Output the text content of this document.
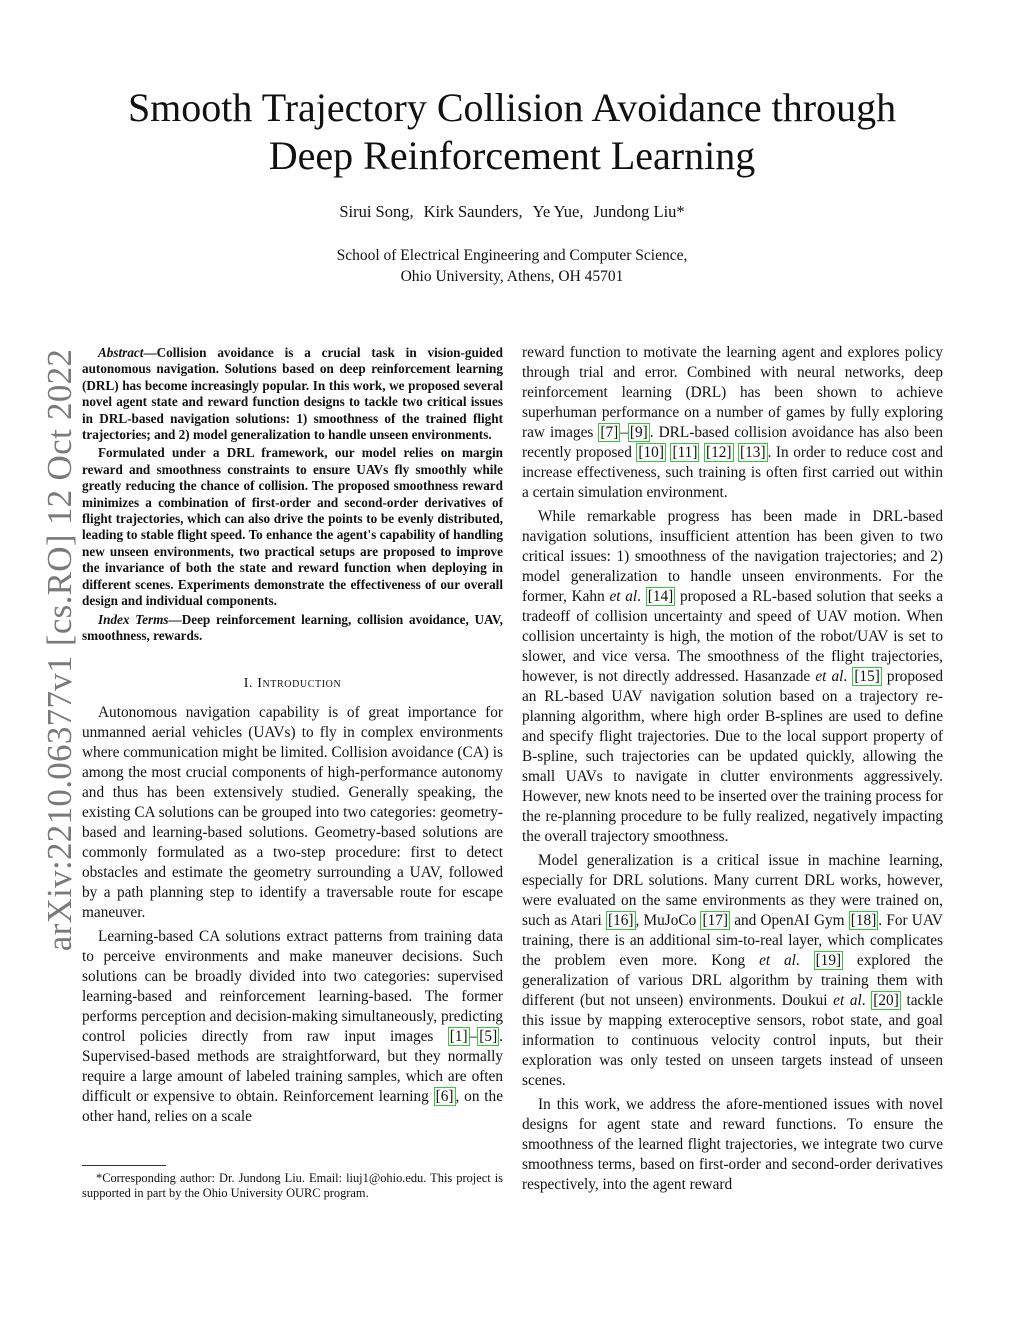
arXiv:2210.06377v1 [cs.RO] 12 Oct 2022
Smooth Trajectory Collision Avoidance through
Deep Reinforcement Learning
Sirui Song, Kirk Saunders, Ye Yue, Jundong Liu*
School of Electrical Engineering and Computer Science,
Ohio University, Athens, OH 45701

Abstract—Collision avoidance is a crucial task in vision-guided autonomous navigation. Solutions based on deep reinforcement learning (DRL) has become increasingly popular. In this work, we proposed several novel agent state and reward function designs to tackle two critical issues in DRL-based navigation solutions: 1) smoothness of the trained flight trajectories; and 2) model generalization to handle unseen environments.

Formulated under a DRL framework, our model relies on margin reward and smoothness constraints to ensure UAVs fly smoothly while greatly reducing the chance of collision. The proposed smoothness reward minimizes a combination of first-order and second-order derivatives of flight trajectories, which can also drive the points to be evenly distributed, leading to stable flight speed. To enhance the agent's capability of handling new unseen environments, two practical setups are proposed to improve the invariance of both the state and reward function when deploying in different scenes. Experiments demonstrate the effectiveness of our overall design and individual components.

Index Terms—Deep reinforcement learning, collision avoidance, UAV, smoothness, rewards.

I. Introduction

Autonomous navigation capability is of great importance for unmanned aerial vehicles (UAVs) to fly in complex environments where communication might be limited. Collision avoidance (CA) is among the most crucial components of high-performance autonomy and thus has been extensively studied. Generally speaking, the existing CA solutions can be grouped into two categories: geometry-based and learning-based solutions. Geometry-based solutions are commonly formulated as a two-step procedure: first to detect obstacles and estimate the geometry surrounding a UAV, followed by a path planning step to identify a traversable route for escape maneuver.

Learning-based CA solutions extract patterns from training data to perceive environments and make maneuver decisions. Such solutions can be broadly divided into two categories: supervised learning-based and reinforcement learning-based. The former performs perception and decision-making simultaneously, predicting control policies directly from raw input images [1] – [5] . Supervised-based methods are straightforward, but they normally require a large amount of labeled training samples, which are often difficult or expensive to obtain. Reinforcement learning [6] , on the other hand, relies on a scale

*Corresponding author: Dr. Jundong Liu. Email: liuj1@ohio.edu. This project is supported in part by the Ohio University OURC program.

reward function to motivate the learning agent and explores policy through trial and error. Combined with neural networks, deep reinforcement learning (DRL) has been shown to achieve superhuman performance on a number of games by fully exploring raw images [7] – [9] . DRL-based collision avoidance has also been recently proposed [10] [11] [12] [13] . In order to reduce cost and increase effectiveness, such training is often first carried out within a certain simulation environment.

While remarkable progress has been made in DRL-based navigation solutions, insufficient attention has been given to two critical issues: 1) smoothness of the navigation trajectories; and 2) model generalization to handle unseen environments. For the former, Kahn et al. [14] proposed a RL-based solution that seeks a tradeoff of collision uncertainty and speed of UAV motion. When collision uncertainty is high, the motion of the robot/UAV is set to slower, and vice versa. The smoothness of the flight trajectories, however, is not directly addressed. Hasanzade et al. [15] proposed an RL-based UAV navigation solution based on a trajectory re-planning algorithm, where high order B-splines are used to define and specify flight trajectories. Due to the local support property of B-spline, such trajectories can be updated quickly, allowing the small UAVs to navigate in clutter environments aggressively. However, new knots need to be inserted over the training process for the re-planning procedure to be fully realized, negatively impacting the overall trajectory smoothness.

Model generalization is a critical issue in machine learning, especially for DRL solutions. Many current DRL works, however, were evaluated on the same environments as they were trained on, such as Atari [16] , MuJoCo [17] and OpenAI Gym [18] . For UAV training, there is an additional sim-to-real layer, which complicates the problem even more. Kong et al. [19] explored the generalization of various DRL algorithm by training them with different (but not unseen) environments. Doukui et al. [20] tackle this issue by mapping exteroceptive sensors, robot state, and goal information to continuous velocity control inputs, but their exploration was only tested on unseen targets instead of unseen scenes.

In this work, we address the afore-mentioned issues with novel designs for agent state and reward functions. To ensure the smoothness of the learned flight trajectories, we integrate two curve smoothness terms, based on first-order and second-order derivatives respectively, into the agent reward
